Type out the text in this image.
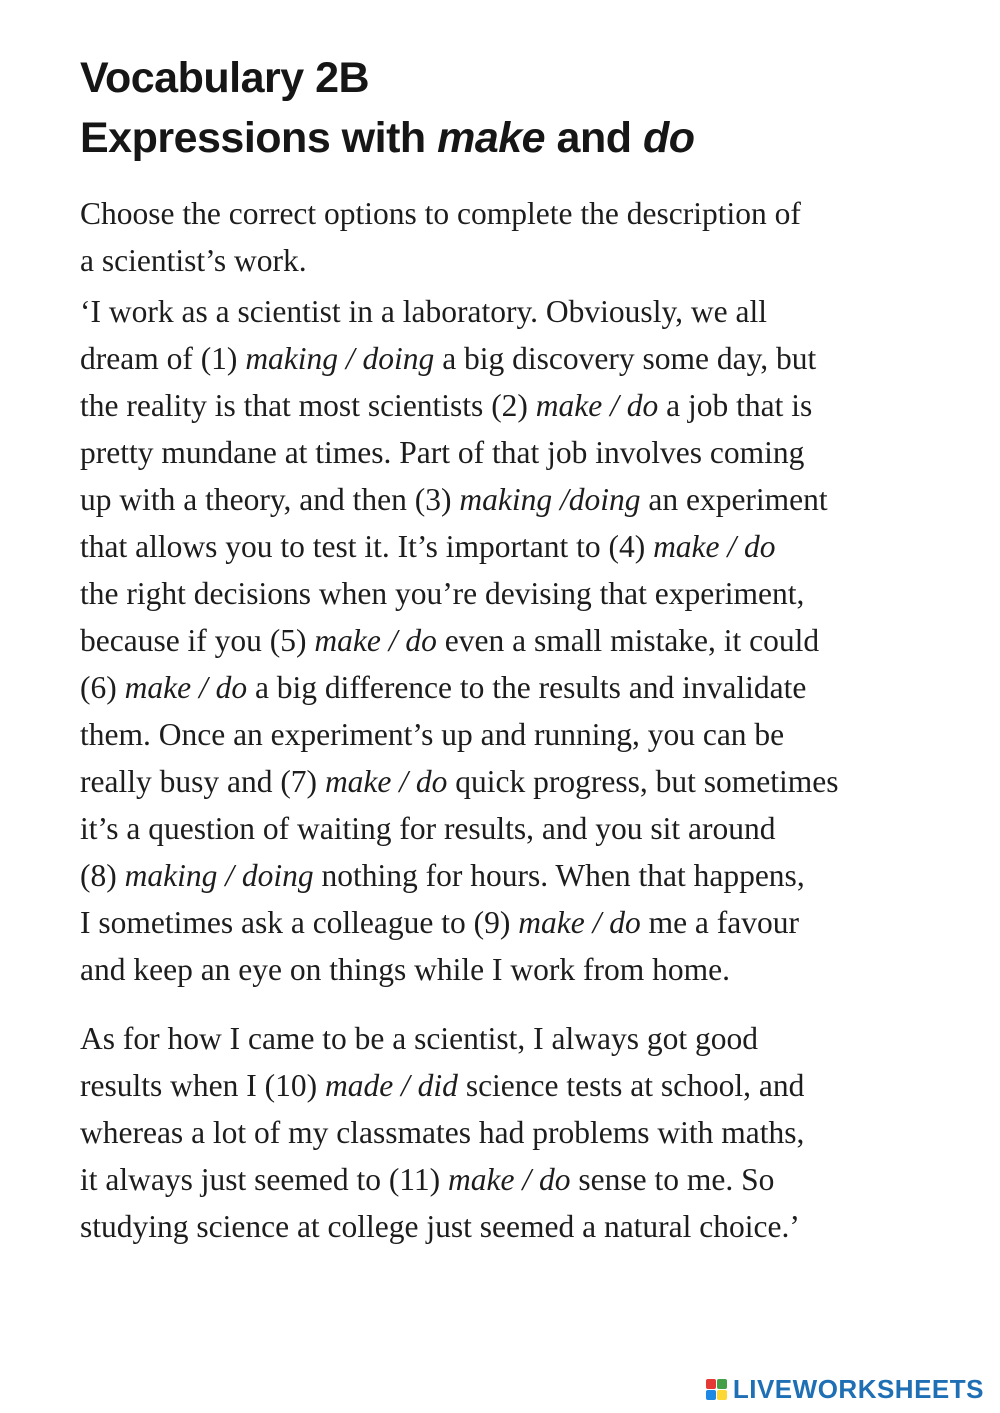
Vocabulary 2B
Expressions with make and do

Choose the correct options to complete the description of
a scientist’s work.

‘I work as a scientist in a laboratory. Obviously, we all
dream of (1) making / doing a big discovery some day, but
the reality is that most scientists (2) make / do a job that is
pretty mundane at times. Part of that job involves coming
up with a theory, and then (3) making /doing an experiment
that allows you to test it. It’s important to (4) make / do
the right decisions when you’re devising that experiment,
because if you (5) make / do even a small mistake, it could
(6) make / do a big difference to the results and invalidate
them. Once an experiment’s up and running, you can be
really busy and (7) make / do quick progress, but sometimes
it’s a question of waiting for results, and you sit around
(8) making / doing nothing for hours. When that happens,
I sometimes ask a colleague to (9) make / do me a favour
and keep an eye on things while I work from home.

As for how I came to be a scientist, I always got good
results when I (10) made / did science tests at school, and
whereas a lot of my classmates had problems with maths,
it always just seemed to (11) make / do sense to me. So
studying science at college just seemed a natural choice.’

LIVEWORKSHEETS
